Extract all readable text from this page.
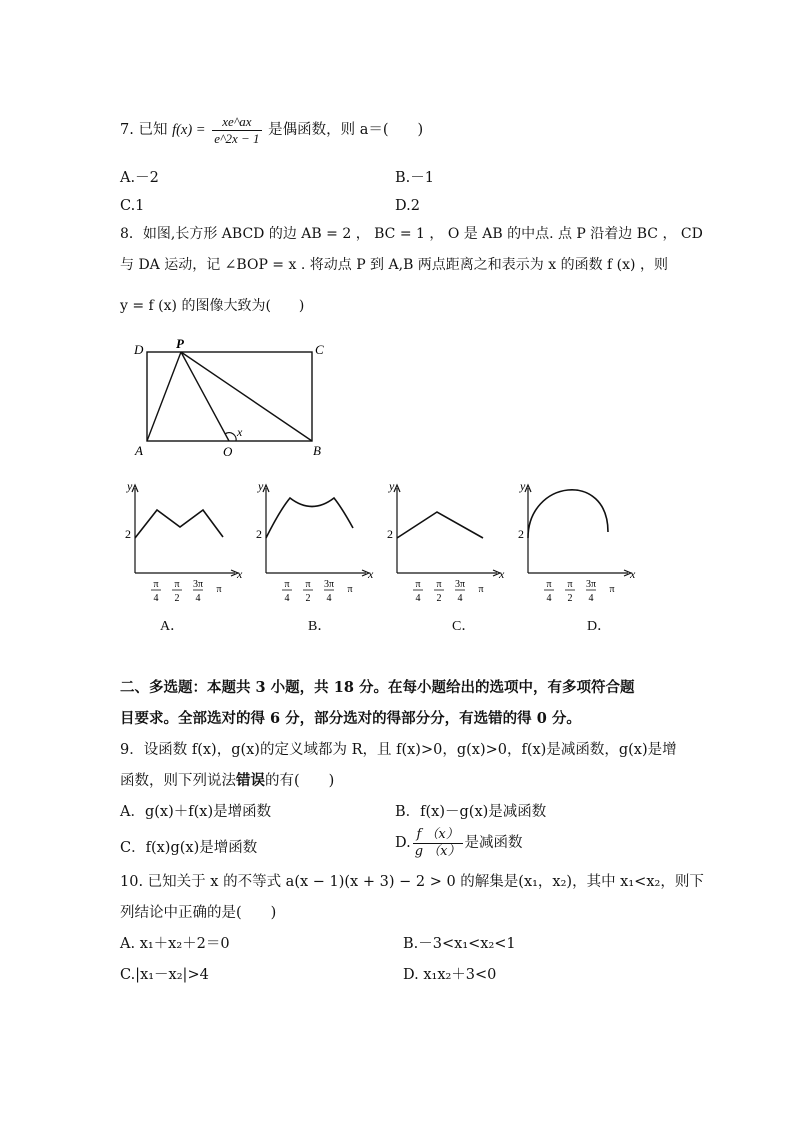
7. 已知 $f(x) = \frac{xe\^{}ax}{e\^{}2x - 1}$ 是偶函数，则 a＝(　　)
A.－2	B.－1
C.1	D.2
8．如图,长方形 ABCD 的边 AB = 2 ， BC = 1 ， O 是 AB 的中点. 点 P 沿着边 BC ， CD
与 DA 运动，记 ∠BOP = x . 将动点 P 到 A,B 两点距离之和表示为 x 的函数 f (x) ，则
y = f (x) 的图像大致为(　　)
D	P	C
A	O
x
B
y
x
2
π
4
π
2
3π
4
π
A．
y
x
2
π
4
π
2
3π
4
π
B．
y
x
2
π
4
π
2
3π
4
π
C．
y
x
2
π
4
π
2
3π
4
π
D．
二、多选题：本题共 3 小题，共 18 分。在每小题给出的选项中，有多项符合题
目要求。全部选对的得 6 分，部分选对的得部分分，有选错的得 0 分。
9．设函数 f(x)，g(x)的定义域都为 R，且 f(x)>0，g(x)>0，f(x)是减函数，g(x)是增
函数，则下列说法错误的有(　　)
A．g(x)＋f(x)是增函数	B．f(x)－g(x)是减函数
C．f(x)g(x)是增函数	D. $\frac{f (x)}{g (x)}$ 是减函数
10. 已知关于 x 的不等式 a(x − 1)(x + 3) − 2 > 0 的解集是(x₁，x₂)，其中 x₁<x₂，则下
列结论中正确的是(　　)
A. x₁＋x₂＋2＝0	B.－3<x₁<x₂<1
C.|x₁－x₂|>4	D. x₁x₂＋3<0
